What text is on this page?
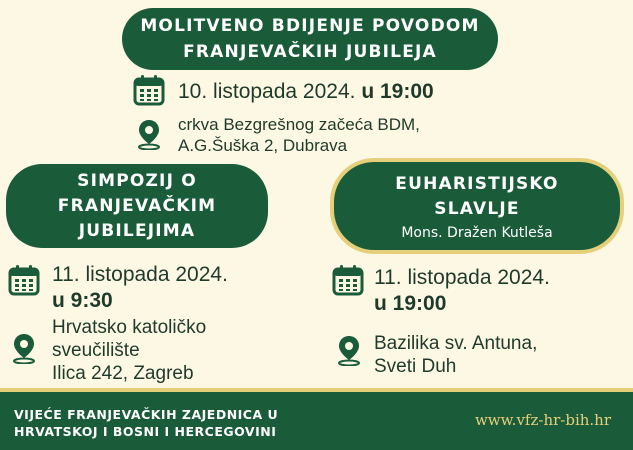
MOLITVENO BDIJENJE POVODOM
FRANJEVAČKIH JUBILEJA
10. listopada 2024. u 19:00
crkva Bezgrešnog začeća BDM,
A.G.Šuška 2, Dubrava
SIMPOZIJ O
FRANJEVAČKIM
JUBILEJIMA
11. listopada 2024.
u 9:30
Hrvatsko katoličko
sveučilište
Ilica 242, Zagreb
EUHARISTIJSKO
SLAVLJE
Mons. Dražen Kutleša
11. listopada 2024.
u 19:00
Bazilika sv. Antuna,
Sveti Duh
VIJEĆE FRANJEVAČKIH ZAJEDNICA U
HRVATSKOJ I BOSNI I HERCEGOVINI
www.vfz-hr-bih.hr
